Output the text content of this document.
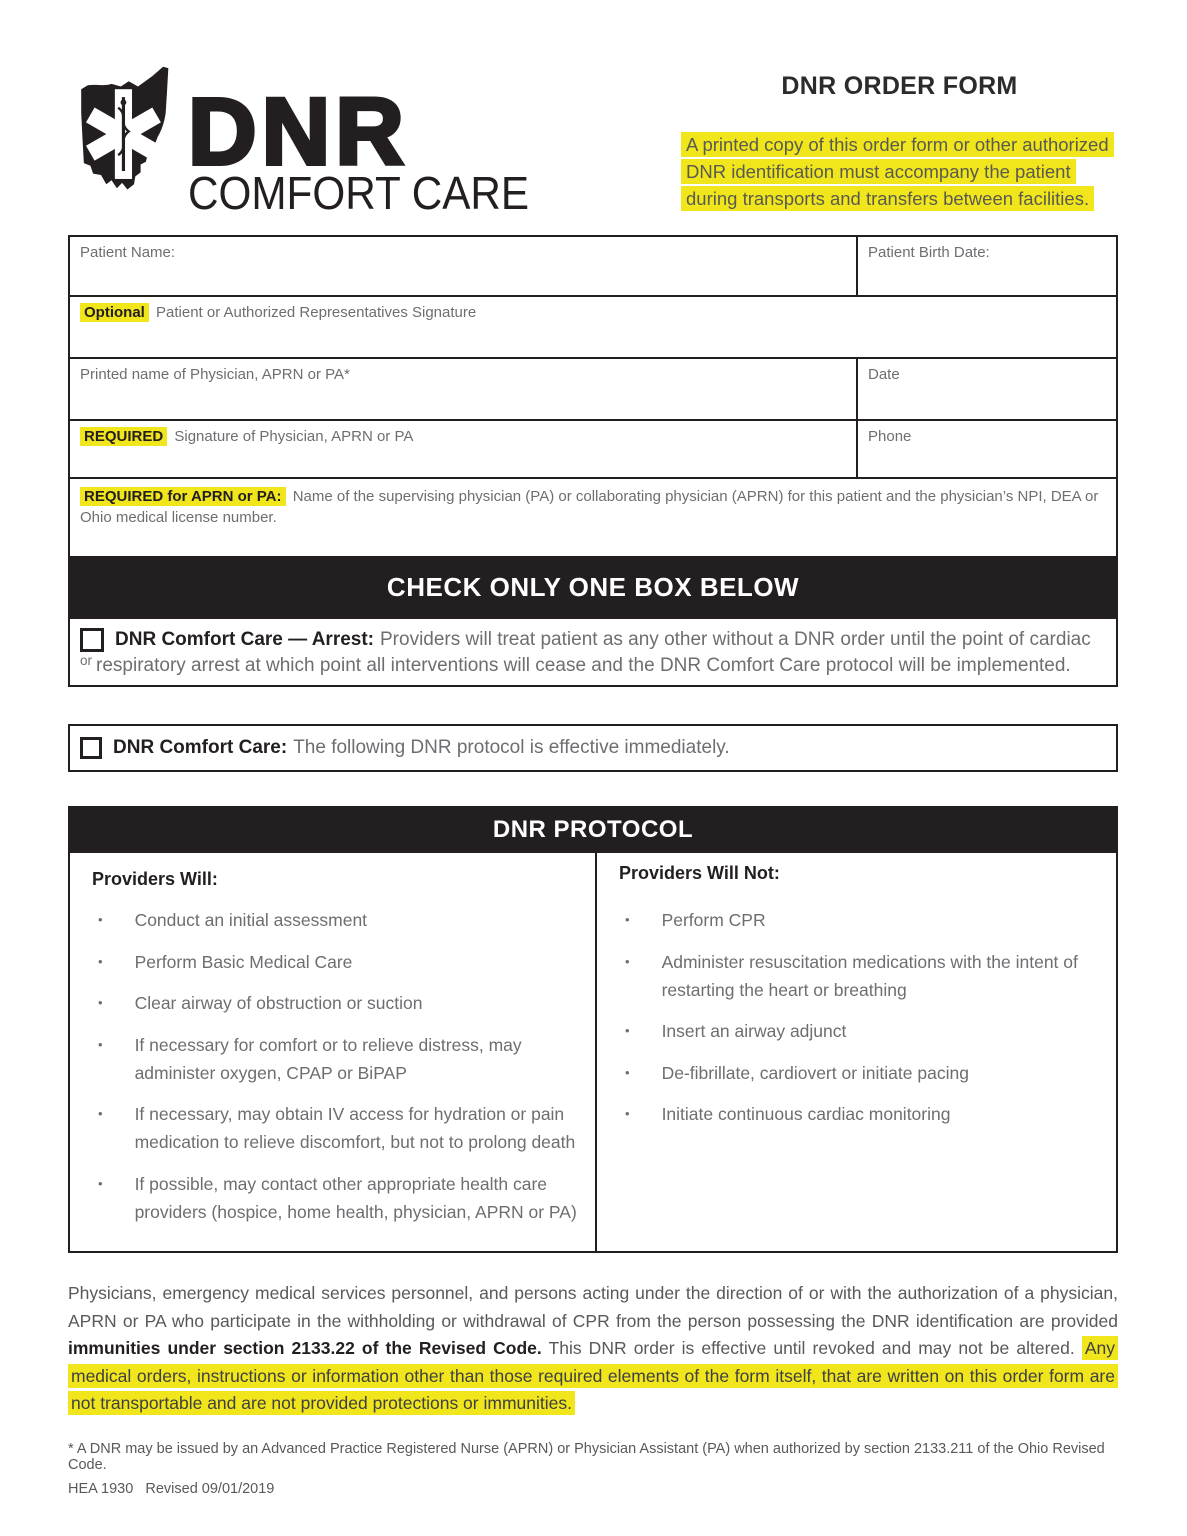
DNR
COMFORT CARE
DNR ORDER FORM
A printed copy of this order form or other authorized DNR identification must accompany the patient during transports and transfers between facilities.
Patient Name:	Patient Birth Date:
Optional Patient or Authorized Representatives Signature
Printed name of Physician, APRN or PA*	Date
REQUIRED Signature of Physician, APRN or PA	Phone
REQUIRED for APRN or PA: Name of the supervising physician (PA) or collaborating physician (APRN) for this patient and the physician’s NPI, DEA or Ohio medical license number.
CHECK ONLY ONE BOX BELOW
DNR Comfort Care — Arrest: Providers will treat patient as any other without a DNR order until the point of cardiac
$^{or}$ respiratory arrest at which point all interventions will cease and the DNR Comfort Care protocol will be implemented.
DNR Comfort Care: The following DNR protocol is effective immediately.
DNR PROTOCOL
Providers Will:
• Conduct an initial assessment
• Perform Basic Medical Care
• Clear airway of obstruction or suction
• If necessary for comfort or to relieve distress, may administer oxygen, CPAP or BiPAP
• If necessary, may obtain IV access for hydration or pain medication to relieve discomfort, but not to prolong death
• If possible, may contact other appropriate health care providers (hospice, home health, physician, APRN or PA)
Providers Will Not:
• Perform CPR
• Administer resuscitation medications with the intent of restarting the heart or breathing
• Insert an airway adjunct
• De-fibrillate, cardiovert or initiate pacing
• Initiate continuous cardiac monitoring

Physicians, emergency medical services personnel, and persons acting under the direction of or with the authorization of a physician, APRN or PA who participate in the withholding or withdrawal of CPR from the person possessing the DNR identification are provided immunities under section 2133.22 of the Revised Code. This DNR order is effective until revoked and may not be altered. Any medical orders, instructions or information other than those required elements of the form itself, that are written on this order form are not transportable and are not provided protections or immunities.

* A DNR may be issued by an Advanced Practice Registered Nurse (APRN) or Physician Assistant (PA) when authorized by section 2133.211 of the Ohio Revised Code.

HEA 1930   Revised 09/01/2019
